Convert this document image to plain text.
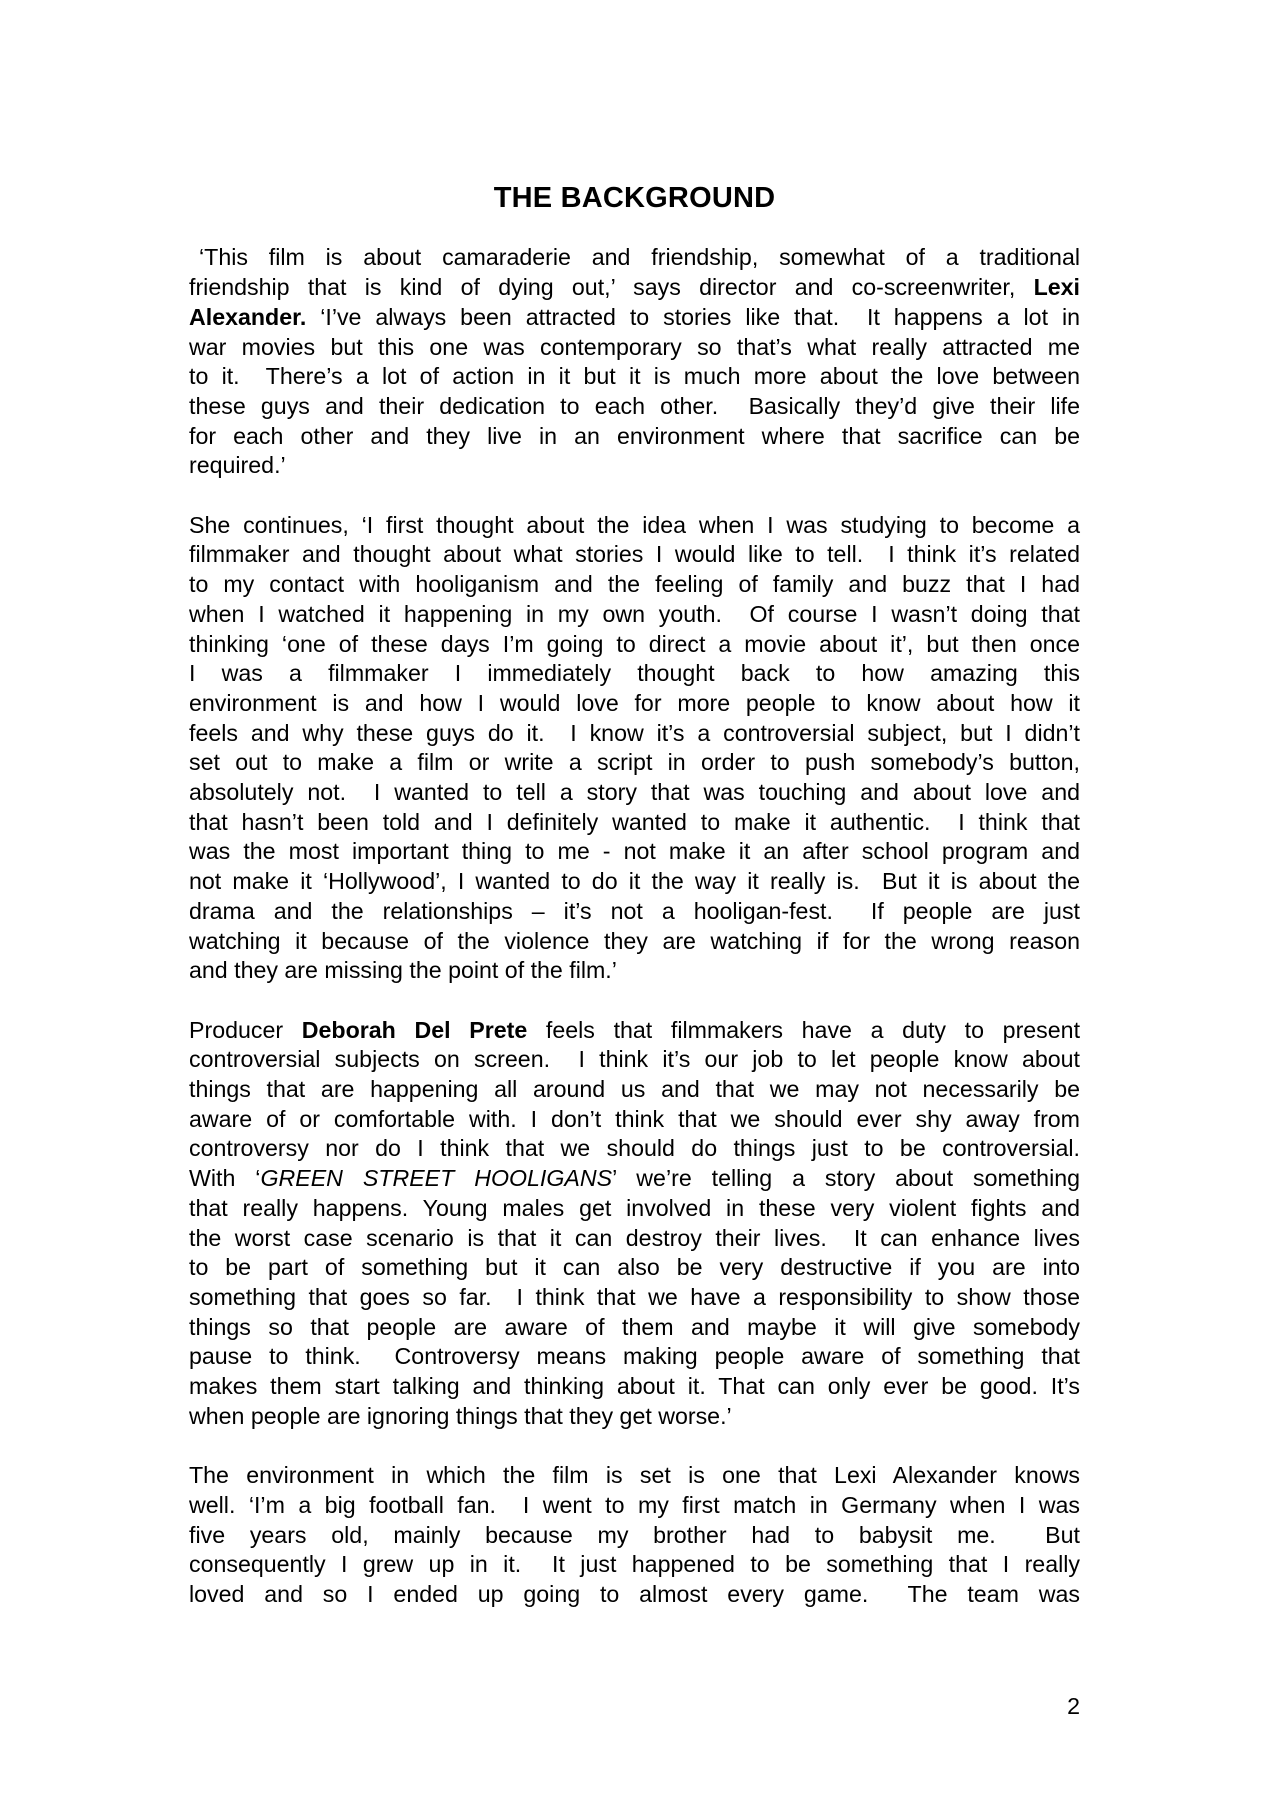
THE BACKGROUND
‘This film is about camaraderie and friendship, somewhat of a traditional
friendship that is kind of dying out,’ says director and co-screenwriter, Lexi
Alexander. ‘I’ve always been attracted to stories like that.  It happens a lot in
war movies but this one was contemporary so that’s what really attracted me
to it.  There’s a lot of action in it but it is much more about the love between
these guys and their dedication to each other.  Basically they’d give their life
for each other and they live in an environment where that sacrifice can be
required.’
She continues, ‘I first thought about the idea when I was studying to become a
filmmaker and thought about what stories I would like to tell.  I think it’s related
to my contact with hooliganism and the feeling of family and buzz that I had
when I watched it happening in my own youth.  Of course I wasn’t doing that
thinking ‘one of these days I’m going to direct a movie about it’, but then once
I was a filmmaker I immediately thought back to how amazing this
environment is and how I would love for more people to know about how it
feels and why these guys do it.  I know it’s a controversial subject, but I didn’t
set out to make a film or write a script in order to push somebody’s button,
absolutely not.  I wanted to tell a story that was touching and about love and
that hasn’t been told and I definitely wanted to make it authentic.  I think that
was the most important thing to me - not make it an after school program and
not make it ‘Hollywood’, I wanted to do it the way it really is.  But it is about the
drama and the relationships – it’s not a hooligan-fest.  If people are just
watching it because of the violence they are watching if for the wrong reason
and they are missing the point of the film.’
Producer Deborah Del Prete feels that filmmakers have a duty to present
controversial subjects on screen.  I think it’s our job to let people know about
things that are happening all around us and that we may not necessarily be
aware of or comfortable with. I don’t think that we should ever shy away from
controversy nor do I think that we should do things just to be controversial.
With ‘GREEN STREET HOOLIGANS’ we’re telling a story about something
that really happens. Young males get involved in these very violent fights and
the worst case scenario is that it can destroy their lives.  It can enhance lives
to be part of something but it can also be very destructive if you are into
something that goes so far.  I think that we have a responsibility to show those
things so that people are aware of them and maybe it will give somebody
pause to think.  Controversy means making people aware of something that
makes them start talking and thinking about it. That can only ever be good. It’s
when people are ignoring things that they get worse.’
The environment in which the film is set is one that Lexi Alexander knows
well. ‘I’m a big football fan.  I went to my first match in Germany when I was
five years old, mainly because my brother had to babysit me.  But
consequently I grew up in it.  It just happened to be something that I really
loved and so I ended up going to almost every game.  The team was
2
